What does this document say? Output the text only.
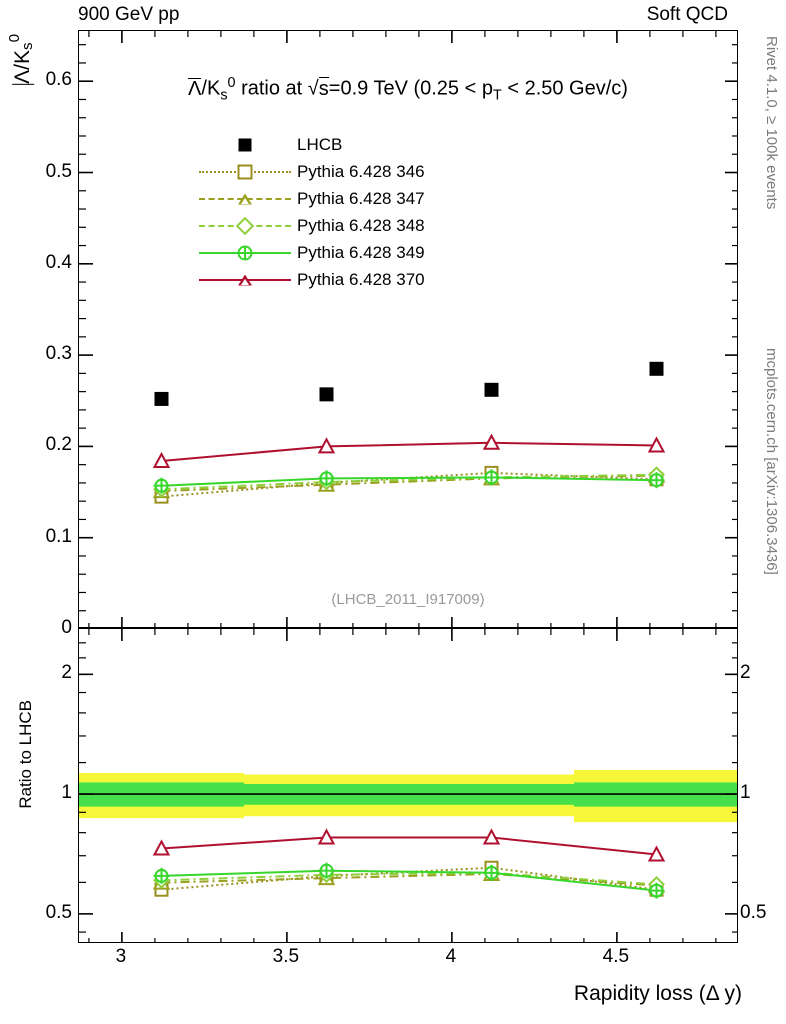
900 GeV pp	Soft QCD
$\Lambda/K_s^0$	Rivet 4.1.0, ≥ 100k events
mcplots.cern.ch [arXiv:1306.3436]
$\Lambda/K_s^0$ ratio at √s=0.9 TeV ($0.25 < p_T < 2.50$ Gev/c)
(LHCB_2011_I917009)
LHCB
Pythia 6.428 346
Pythia 6.428 347
Pythia 6.428 348
Pythia 6.428 349
Pythia 6.428 370
0
0.1
0.2
0.3
0.4
0.5
0.6
Ratio to LHCB
0.5
1
2
0.5
1
2
3	3.5	4	4.5
Rapidity loss (Δ y)
